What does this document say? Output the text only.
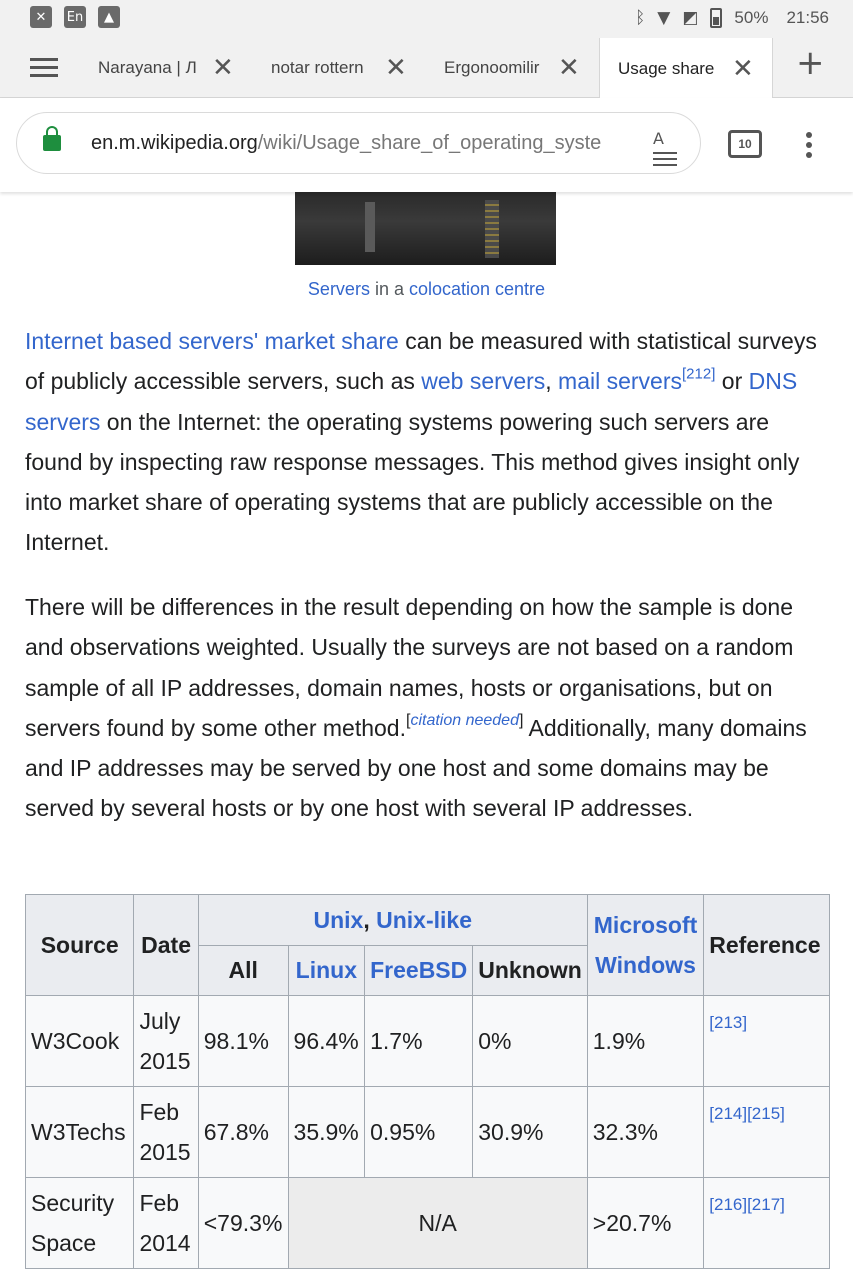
✕	En	▲	ᛒ ▼ ◩ 50% 21:56
Narayana | Л ✕ notar rottern ✕ Ergonoomilir ✕ Usage share ✕ +
en.m.wikipedia.org/wiki/Usage_share_of_operating_syste	A	10
Servers in a colocation centre

Internet based servers' market share can be measured with statistical surveys of publicly accessible servers, such as web servers, mail servers[212] or DNS servers on the Internet: the operating systems powering such servers are found by inspecting raw response messages. This method gives insight only into market share of operating systems that are publicly accessible on the Internet.

There will be differences in the result depending on how the sample is done and observations weighted. Usually the surveys are not based on a random sample of all IP addresses, domain names, hosts or organisations, but on servers found by some other method.[citation needed] Additionally, many domains and IP addresses may be served by one host and some domains may be served by several hosts or by one host with several IP addresses.

Source	Date	Unix, Unix-like				Microsoft Windows	Reference
		All	Linux	FreeBSD	Unknown		
W3Cook	July 2015	98.1%	96.4%	1.7%	0%	1.9%	[213]
W3Techs	Feb 2015	67.8%	35.9%	0.95%	30.9%	32.3%	[214][215]
Security Space	Feb 2014	<79.3%	N/A			>20.7%	[216][217]
